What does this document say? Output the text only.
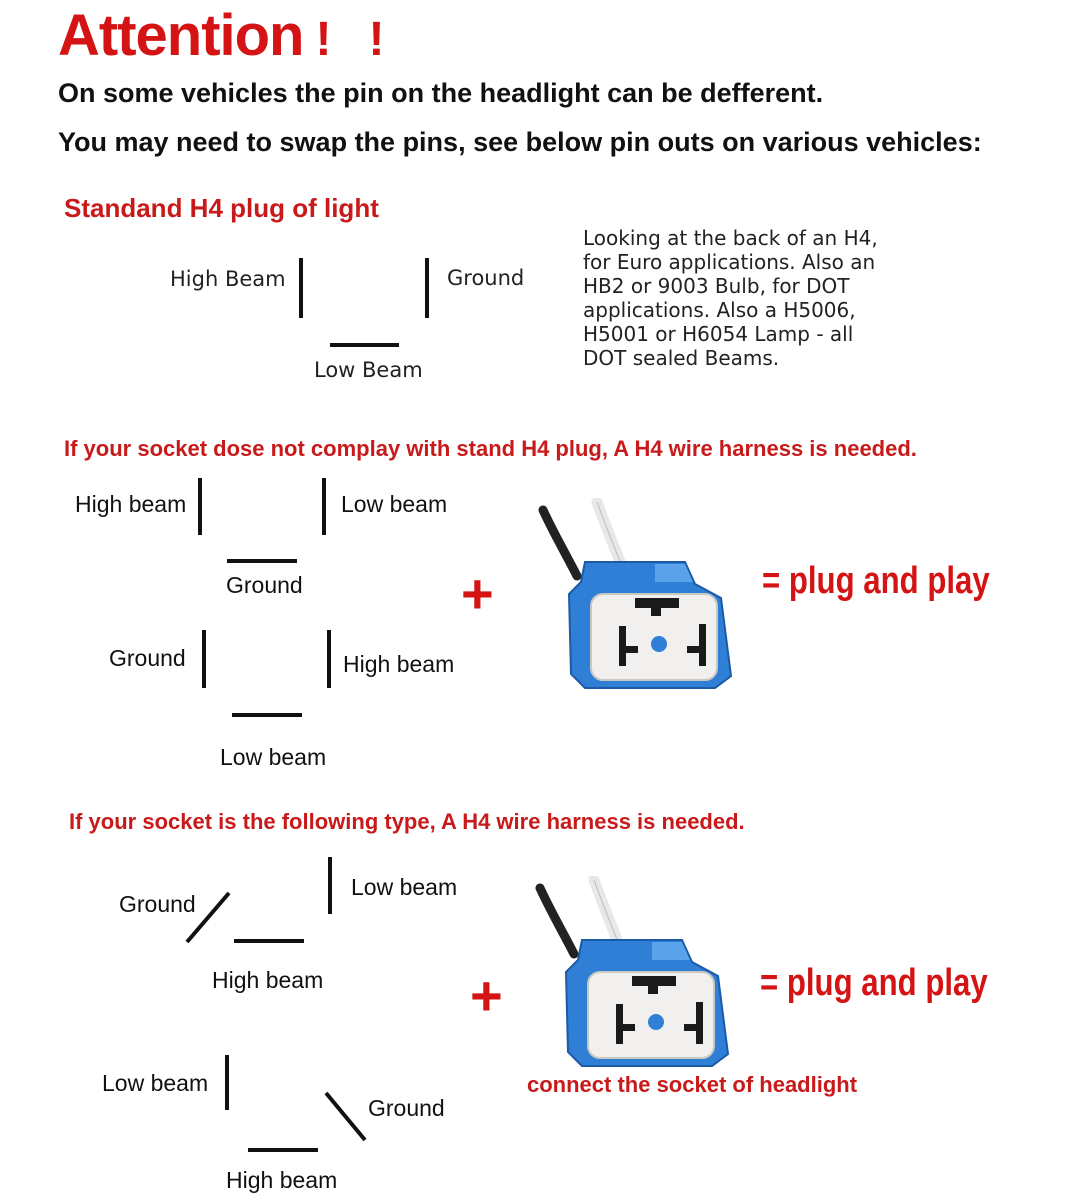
Attention ! !
On some vehicles the pin on the headlight can be defferent.
You may need to swap the pins, see below pin outs on various vehicles:
Standand H4 plug of light
High Beam	Ground
Low Beam
Looking at the back of an H4, for Euro applications. Also an HB2 or 9003 Bulb, for DOT applications. Also a H5006, H5001 or H6054 Lamp - all DOT sealed Beams.
If your socket dose not complay with stand H4 plug, A H4 wire harness is needed.
High beam	Low beam
Ground
Ground	High beam
Low beam
+	= plug and play
If your socket is the following type, A H4 wire harness is needed.
Ground
Low beam
High beam
Low beam
Ground
High beam
+	= plug and play
connect the socket of headlight
